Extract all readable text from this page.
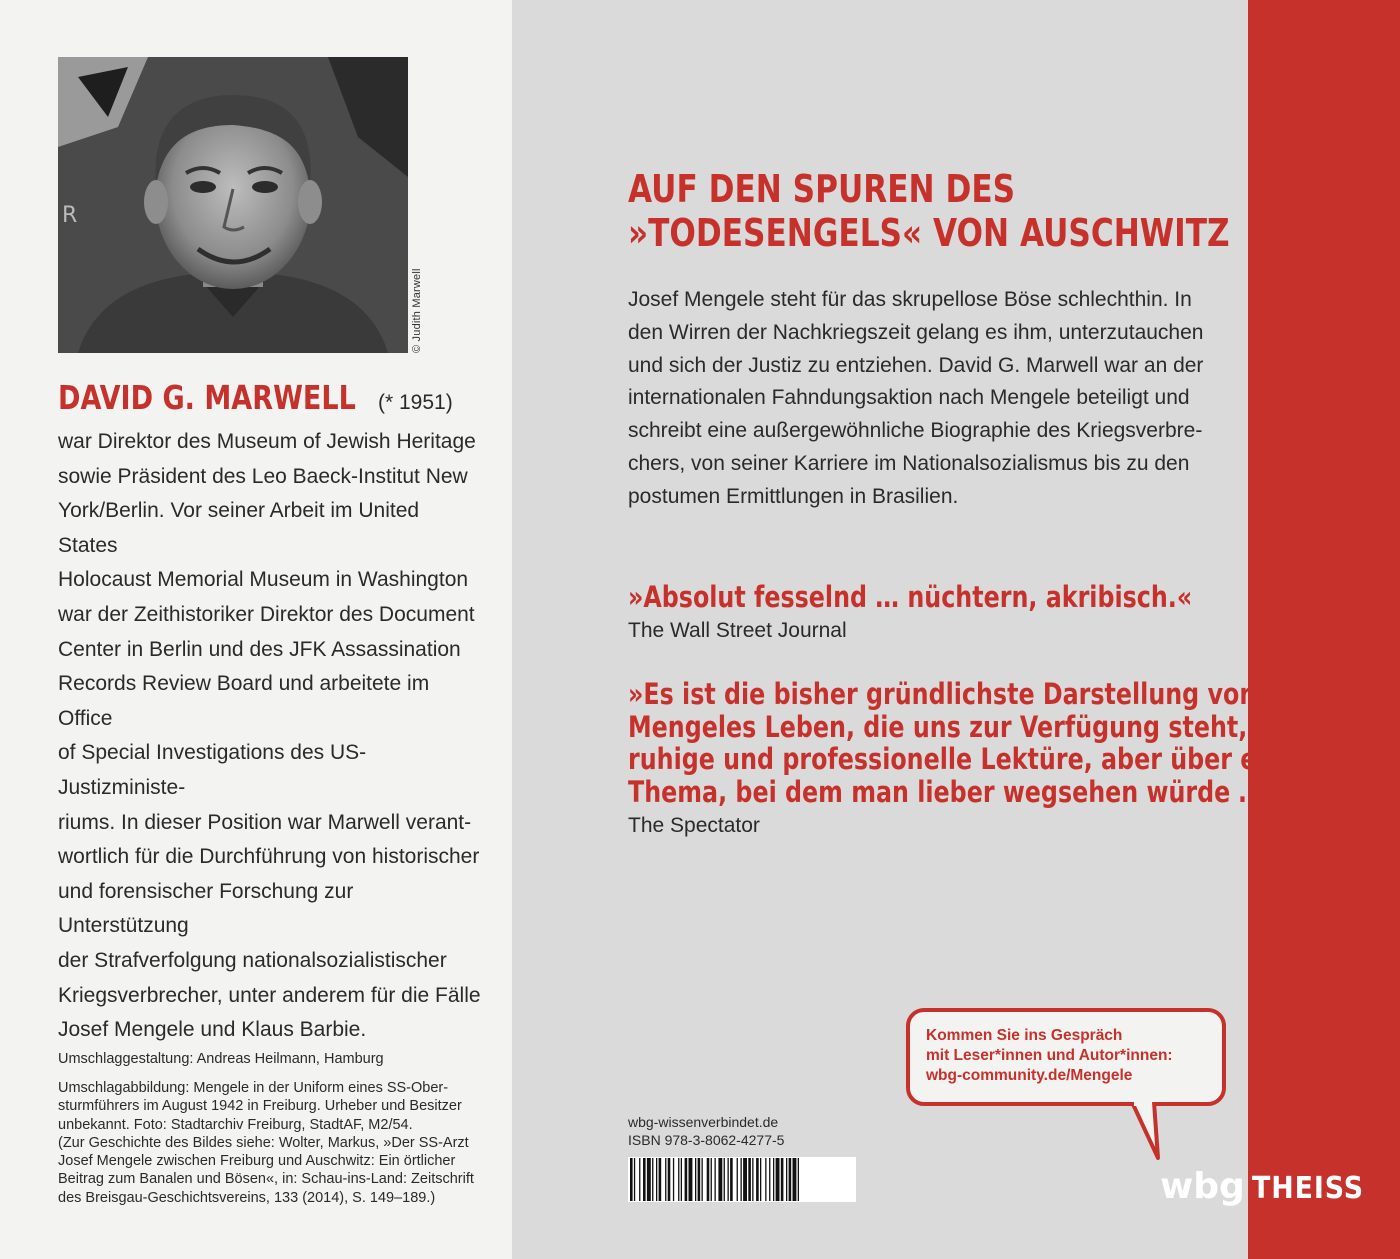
R
© Judith Marwell
DAVID G. MARWELL (* 1951)
war Direktor des Museum of Jewish Heritage
sowie Präsident des Leo Baeck-Institut New
York/Berlin. Vor seiner Arbeit im United States
Holocaust Memorial Museum in Washington
war der Zeithistoriker Direktor des Document
Center in Berlin und des JFK Assassination
Records Review Board und arbeitete im Office
of Special Investigations des US-Justizministe-
riums. In dieser Position war Marwell verant-
wortlich für die Durchführung von historischer
und forensischer Forschung zur Unterstützung
der Strafverfolgung nationalsozialistischer
Kriegsverbrecher, unter anderem für die Fälle
Josef Mengele und Klaus Barbie.
Umschlaggestaltung: Andreas Heilmann, Hamburg
Umschlagabbildung: Mengele in der Uniform eines SS-Ober-
sturmführers im August 1942 in Freiburg. Urheber und Besitzer
unbekannt. Foto: Stadtarchiv Freiburg, StadtAF, M2/54.
(Zur Geschichte des Bildes siehe: Wolter, Markus, »Der SS-Arzt
Josef Mengele zwischen Freiburg und Auschwitz: Ein örtlicher
Beitrag zum Banalen und Bösen«, in: Schau-ins-Land: Zeitschrift
des Breisgau-Geschichtsvereins, 133 (2014), S. 149–189.)
AUF DEN SPUREN DES
»TODESENGELS« VON AUSCHWITZ
Josef Mengele steht für das skrupellose Böse schlechthin. In
den Wirren der Nachkriegszeit gelang es ihm, unterzutauchen
und sich der Justiz zu entziehen. David G. Marwell war an der
internationalen Fahndungsaktion nach Mengele beteiligt und
schreibt eine außergewöhnliche Biographie des Kriegsverbre-
chers, von seiner Karriere im Nationalsozialismus bis zu den
postumen Ermittlungen in Brasilien.
»Absolut fesselnd … nüchtern, akribisch.«
The Wall Street Journal
»Es ist die bisher gründlichste Darstellung von
Mengeles Leben, die uns zur Verfügung steht, eine
ruhige und professionelle Lektüre, aber über ein
Thema, bei dem man lieber wegsehen würde …«
The Spectator
wbg-wissenverbindet.de
ISBN 978-3-8062-4277-5
Kommen Sie ins Gespräch
mit Leser*innen und Autor*innen:
wbg-community.de/Mengele
wbg THEISS
